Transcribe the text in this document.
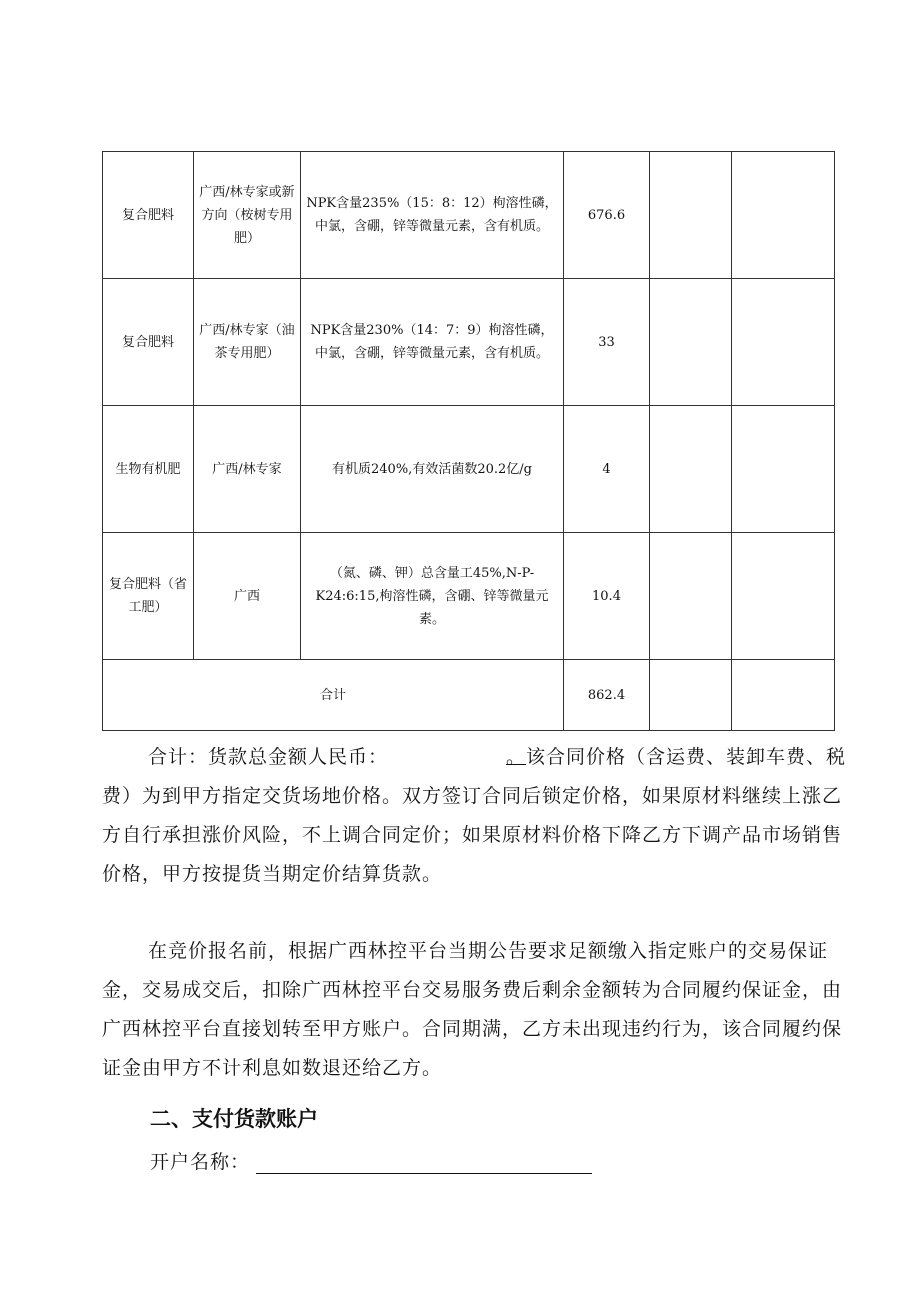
复合肥料	广西/林专家或新方向（桉树专用肥）	NPK含量235%（15：8：12）枸溶性磷，中氯，含硼，锌等微量元素，含有机质。	676.6		
复合肥料	广西/林专家（油茶专用肥）	NPK含量230%（14：7：9）枸溶性磷，中氯，含硼，锌等微量元素，含有机质。	33		
生物有机肥	广西/林专家	有机质240%,有效活菌数20.2亿/g	4		
复合肥料（省工肥）	广西	（氮、磷、钾）总含量工45%,N-P-K24:6:15,枸溶性磷，含硼、锌等微量元素。	10.4		
合计			862.4		

合计：货款总金额人民币：	。该合同价格（含运费、装卸车费、税费）为到甲方指定交货场地价格。双方签订合同后锁定价格，如果原材料继续上涨乙方自行承担涨价风险，不上调合同定价；如果原材料价格下降乙方下调产品市场销售价格，甲方按提货当期定价结算货款。

在竞价报名前，根据广西林控平台当期公告要求足额缴入指定账户的交易保证金，交易成交后，扣除广西林控平台交易服务费后剩余金额转为合同履约保证金，由广西林控平台直接划转至甲方账户。合同期满，乙方未出现违约行为，该合同履约保证金由甲方不计利息如数退还给乙方。

二、支付货款账户

开户名称：
